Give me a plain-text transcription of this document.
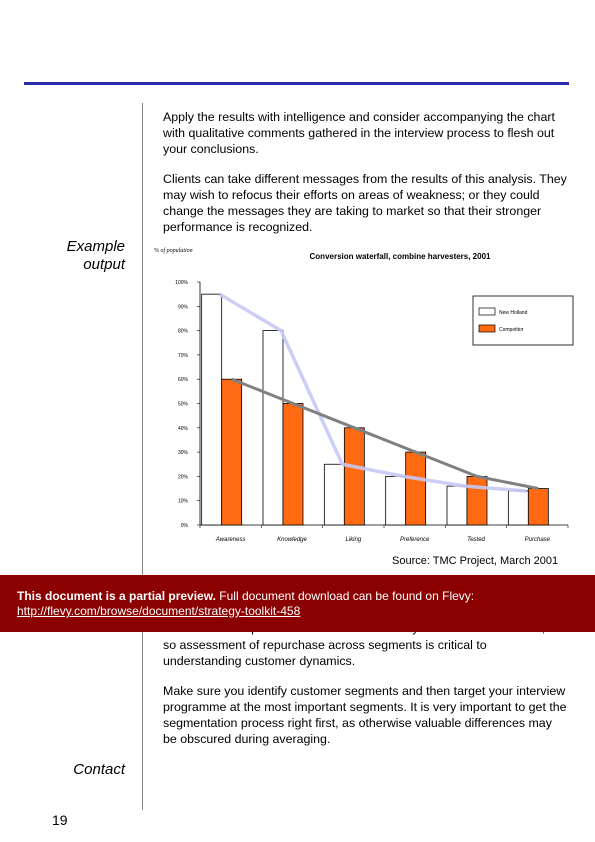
Apply the results with intelligence and consider accompanying the chart with qualitative comments gathered in the interview process to flesh out your conclusions.

Clients can take different messages from the results of this analysis. They may wish to refocus their efforts on areas of weakness; or they could change the messages they are taking to market so that their stronger performance is recognized.

Example
output
% of population
Conversion waterfall, combine harvesters, 2001
0%
10%
20%
30%
40%
50%
60%
70%
80%
90%
100%
Awareness	Knowledge	Liking	Preference	Tested	Purchase
New Holland
Competitor
Source: TMC Project, March 2001

This document is a partial preview. Full document download can be found on Flevy:
http://flevy.com/browse/document/strategy-toolkit-458

so assessment of repurchase across segments is critical to understanding customer dynamics.

Make sure you identify customer segments and then target your interview programme at the most important segments. It is very important to get the segmentation process right first, as otherwise valuable differences may be obscured during averaging.

Contact
19
